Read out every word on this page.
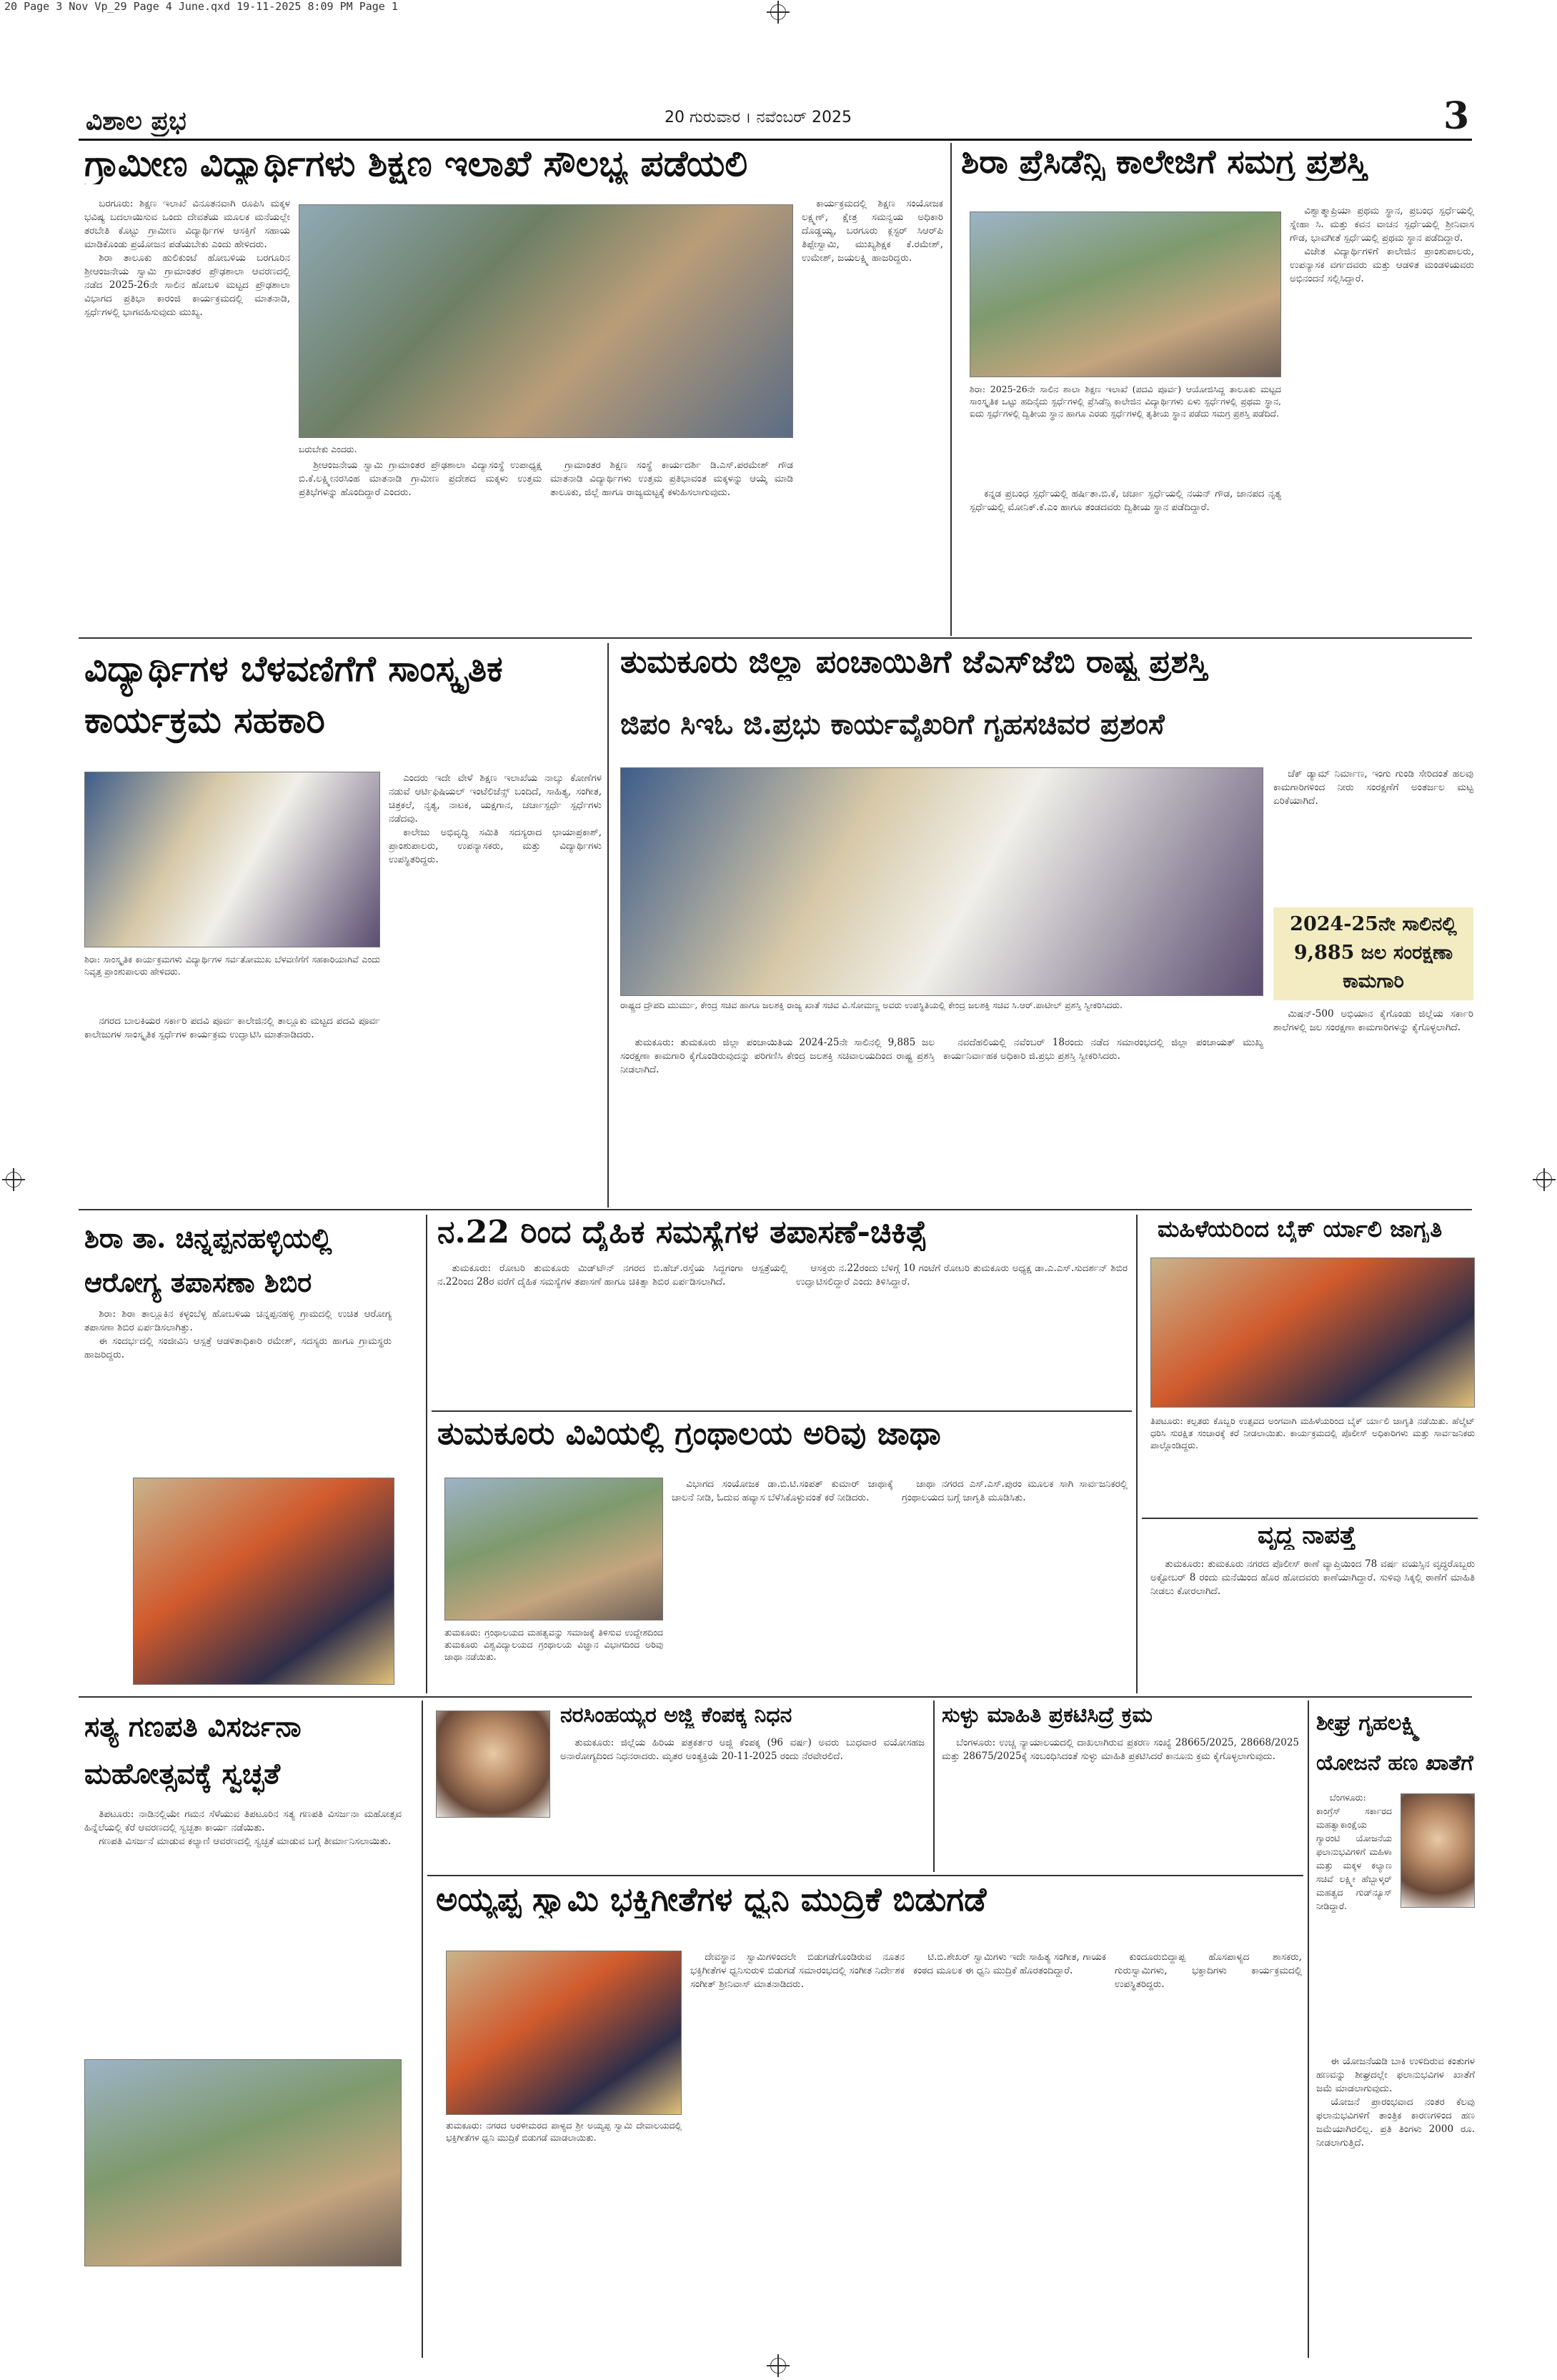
20 Page 3 Nov Vp_29 Page 4 June.qxd 19-11-2025 8:09 PM Page 1
ವಿಶಾಲ ಪ್ರಭ	20 ಗುರುವಾರ । ನವೆಂಬರ್ 2025	3
ಗ್ರಾಮೀಣ ವಿದ್ಯಾರ್ಥಿಗಳು ಶಿಕ್ಷಣ ಇಲಾಖೆ ಸೌಲಭ್ಯ ಪಡೆಯಲಿ

ಬರಗೂರು: ಶಿಕ್ಷಣ ಇಲಾಖೆ ವಿನೂತನವಾಗಿ ರೂಪಿಸಿ ಮಕ್ಕಳ ಭವಿಷ್ಯ ಬದಲಾಯಿಸುವ ಒಂದು ದೇವತೆಯ ಮೂಲಕ ಮನೆಯಲ್ಲೇ ತರಬೇತಿ ಕೊಟ್ಟು ಗ್ರಾಮೀಣ ವಿದ್ಯಾರ್ಥಿಗಳ ಆಸಕ್ತಿಗೆ ಸಹಾಯ ಮಾಡಿಕೊಂಡು ಪ್ರಯೋಜನ ಪಡೆಯಬೇಕು ಎಂದು ಹೇಳಿದರು.

ಶಿರಾ ತಾಲೂಕು ಹುಲಿಕುಂಟೆ ಹೋಬಳಿಯ ಬರಗೂರಿನ ಶ್ರೀಆಂಜನೇಯ ಸ್ವಾಮಿ ಗ್ರಾಮಾಂತರ ಪ್ರೌಢಶಾಲಾ ಆವರಣದಲ್ಲಿ ನಡೆದ 2025-26ನೇ ಸಾಲಿನ ಹೋಬಳಿ ಮಟ್ಟದ ಪ್ರೌಢಶಾಲಾ ವಿಭಾಗದ ಪ್ರತಿಭಾ ಕಾರಂಜಿ ಕಾರ್ಯಕ್ರಮದಲ್ಲಿ ಮಾತನಾಡಿ, ಸ್ಪರ್ಧೆಗಳಲ್ಲಿ ಭಾಗವಹಿಸುವುದು ಮುಖ್ಯ.

ಬರುಬೇಕು ಎಂದರು.

ಶ್ರೀಆಂಜನೇಯ ಸ್ವಾಮಿ ಗ್ರಾಮಾಂತರ ಪ್ರೌಢಶಾಲಾ ವಿದ್ಯಾಸಂಸ್ಥೆ ಉಪಾಧ್ಯಕ್ಷ ಬಿ.ಕೆ.ಲಕ್ಷ್ಮೀನರಸಿಂಹ ಮಾತನಾಡಿ ಗ್ರಾಮೀಣ ಪ್ರದೇಶದ ಮಕ್ಕಳು ಉತ್ತಮ ಪ್ರತಿಭೆಗಳನ್ನು ಹೊಂದಿದ್ದಾರೆ ಎಂದರು.

ಗ್ರಾಮಾಂತರ ಶಿಕ್ಷಣ ಸಂಸ್ಥೆ ಕಾರ್ಯದರ್ಶಿ ಡಿ.ಎಸ್.ಪರಮೇಶ್ ಗೌಡ ಮಾತನಾಡಿ ವಿದ್ಯಾರ್ಥಿಗಳು ಉತ್ತಮ ಪ್ರತಿಭಾವಂತ ಮಕ್ಕಳನ್ನು ಆಯ್ಕೆ ಮಾಡಿ ತಾಲೂಕು, ಜಿಲ್ಲೆ ಹಾಗೂ ರಾಜ್ಯಮಟ್ಟಕ್ಕೆ ಕಳುಹಿಸಲಾಗುವುದು.

ಕಾರ್ಯಕ್ರಮದಲ್ಲಿ ಶಿಕ್ಷಣ ಸಂಯೋಜಕ ಲಕ್ಷ್ಮಣ್, ಕ್ಷೇತ್ರ ಸಮನ್ವಯ ಅಧಿಕಾರಿ ದೊಡ್ಡಯ್ಯ, ಬರಗೂರು ಕ್ಲಸ್ಟರ್ ಸಿಆರ್‌ಪಿ ತಿಪ್ಪೇಸ್ವಾಮಿ, ಮುಖ್ಯಶಿಕ್ಷಕ ಕೆ.ರಮೇಶ್, ಉಮೇಶ್, ಜಯಲಕ್ಷ್ಮಿ ಹಾಜರಿದ್ದರು.

ಶಿರಾ ಪ್ರೆಸಿಡೆನ್ಸಿ ಕಾಲೇಜಿಗೆ ಸಮಗ್ರ ಪ್ರಶಸ್ತಿ
ಶಿರಾ: 2025-26ನೇ ಸಾಲಿನ ಶಾಲಾ ಶಿಕ್ಷಣ ಇಲಾಖೆ (ಪದವಿ ಪೂರ್ವ) ಆಯೋಜಿಸಿದ್ದ ತಾಲೂಕು ಮಟ್ಟದ ಸಾಂಸ್ಕೃತಿಕ ಒಟ್ಟು ಹದಿನೈದು ಸ್ಪರ್ಧೆಗಳಲ್ಲಿ ಪ್ರೆಸಿಡೆನ್ಸಿ ಕಾಲೇಜಿನ ವಿದ್ಯಾರ್ಥಿಗಳು ಏಳು ಸ್ಪರ್ಧೆಗಳಲ್ಲಿ ಪ್ರಥಮ ಸ್ಥಾನ, ಐದು ಸ್ಪರ್ಧೆಗಳಲ್ಲಿ ದ್ವಿತೀಯ ಸ್ಥಾನ ಹಾಗೂ ಎರಡು ಸ್ಪರ್ಧೆಗಳಲ್ಲಿ ತೃತೀಯ ಸ್ಥಾನ ಪಡೆದು ಸಮಗ್ರ ಪ್ರಶಸ್ತಿ ಪಡೆದಿದೆ.

ಕನ್ನಡ ಪ್ರಬಂಧ ಸ್ಪರ್ಧೆಯಲ್ಲಿ ಹರ್ಷಿತಾ.ಬಿ.ಕೆ, ಚರ್ಚಾ ಸ್ಪರ್ಧೆಯಲ್ಲಿ ನಯನ್ ಗೌಡ, ಜಾನಪದ ನೃತ್ಯ ಸ್ಪರ್ಧೆಯಲ್ಲಿ ಮೋನಿಕ್.ಕೆ.ಎಂ ಹಾಗೂ ತಂಡದವರು ದ್ವಿತೀಯ ಸ್ಥಾನ ಪಡೆದಿದ್ದಾರೆ.

ವಿಶ್ವಾತ್ಮಾಪ್ರಿಯಾ ಪ್ರಥಮ ಸ್ಥಾನ, ಪ್ರಬಂಧ ಸ್ಪರ್ಧೆಯಲ್ಲಿ ಸ್ನೇಹಾ ಸಿ. ಮತ್ತು ಕವನ ವಾಚನ ಸ್ಪರ್ಧೆಯಲ್ಲಿ ಶ್ರೀನಿವಾಸ ಗೌಡ, ಭಾವಗೀತೆ ಸ್ಪರ್ಧೆಯಲ್ಲಿ ಪ್ರಥಮ ಸ್ಥಾನ ಪಡೆದಿದ್ದಾರೆ.

ವಿಜೇತ ವಿದ್ಯಾರ್ಥಿಗಳಿಗೆ ಕಾಲೇಜಿನ ಪ್ರಾಂಶುಪಾಲರು, ಉಪನ್ಯಾಸಕ ವರ್ಗದವರು ಮತ್ತು ಆಡಳಿತ ಮಂಡಳಿಯವರು ಅಭಿನಂದನೆ ಸಲ್ಲಿಸಿದ್ದಾರೆ.

ವಿದ್ಯಾರ್ಥಿಗಳ ಬೆಳವಣಿಗೆಗೆ ಸಾಂಸ್ಕೃತಿಕ ಕಾರ್ಯಕ್ರಮ ಸಹಕಾರಿ
ಶಿರಾ: ಸಾಂಸ್ಕೃತಿಕ ಕಾರ್ಯಕ್ರಮಗಳು ವಿದ್ಯಾರ್ಥಿಗಳ ಸರ್ವತೋಮುಖ ಬೆಳವಣಿಗೆಗೆ ಸಹಕಾರಿಯಾಗಿವೆ ಎಂದು ನಿವೃತ್ತ ಪ್ರಾಂಶುಪಾಲರು ಹೇಳಿದರು.

ನಗರದ ಬಾಲಕಿಯರ ಸರ್ಕಾರಿ ಪದವಿ ಪೂರ್ವ ಕಾಲೇಜಿನಲ್ಲಿ ತಾಲ್ಲೂಕು ಮಟ್ಟದ ಪದವಿ ಪೂರ್ವ ಕಾಲೇಜುಗಳ ಸಾಂಸ್ಕೃತಿಕ ಸ್ಪರ್ಧೆಗಳ ಕಾರ್ಯಕ್ರಮ ಉದ್ಘಾಟಿಸಿ ಮಾತನಾಡಿದರು.

ಎಂದರು ಇದೇ ವೇಳೆ ಶಿಕ್ಷಣ ಇಲಾಖೆಯ ನಾಲ್ಕು ಕೋಣೆಗಳ ನಡುವೆ ಆರ್ಟಿಫಿಷಿಯಲ್ ಇಂಟೆಲಿಜೆನ್ಸ್ ಬಂದಿದೆ, ಸಾಹಿತ್ಯ, ಸಂಗೀತ, ಚಿತ್ರಕಲೆ, ನೃತ್ಯ, ನಾಟಕ, ಯಕ್ಷಗಾನ, ಚರ್ಚಾಸ್ಪರ್ಧೆ ಸ್ಪರ್ಧೆಗಳು ನಡೆದವು.

ಕಾಲೇಜು ಅಭಿವೃದ್ಧಿ ಸಮಿತಿ ಸದಸ್ಯರಾದ ಛಾಯಾಪ್ರಕಾಶ್, ಪ್ರಾಂಶುಪಾಲರು, ಉಪನ್ಯಾಸಕರು, ಮತ್ತು ವಿದ್ಯಾರ್ಥಿಗಳು ಉಪಸ್ಥಿತರಿದ್ದರು.

ತುಮಕೂರು ಜಿಲ್ಲಾ ಪಂಚಾಯಿತಿಗೆ ಜೆಎಸ್‌ಜೆಬಿ ರಾಷ್ಟ್ರ ಪ್ರಶಸ್ತಿ
ಜಿಪಂ ಸಿಇಓ ಜಿ.ಪ್ರಭು ಕಾರ್ಯವೈಖರಿಗೆ ಗೃಹಸಚಿವರ ಪ್ರಶಂಸೆ
ರಾಷ್ಟ್ರದ ದ್ರೌಪದಿ ಮುರ್ಮು, ಕೇಂದ್ರ ಸಚಿವ ಹಾಗೂ ಜಲಶಕ್ತಿ ರಾಜ್ಯ ಖಾತೆ ಸಚಿವ ವಿ.ಸೋಮಣ್ಣ ಅವರು ಉಪಸ್ಥಿತಿಯಲ್ಲಿ ಕೇಂದ್ರ ಜಲಶಕ್ತಿ ಸಚಿವ ಸಿ.ಆರ್.ಪಾಟೀಲ್ ಪ್ರಶಸ್ತಿ ಸ್ವೀಕರಿಸಿದರು.

ತುಮಕೂರು: ತುಮಕೂರು ಜಿಲ್ಲಾ ಪಂಚಾಯಿತಿಯ 2024-25ನೇ ಸಾಲಿನಲ್ಲಿ 9,885 ಜಲ ಸಂರಕ್ಷಣಾ ಕಾಮಗಾರಿ ಕೈಗೊಂಡಿರುವುದನ್ನು ಪರಿಗಣಿಸಿ ಕೇಂದ್ರ ಜಲಶಕ್ತಿ ಸಚಿವಾಲಯದಿಂದ ರಾಷ್ಟ್ರ ಪ್ರಶಸ್ತಿ ನೀಡಲಾಗಿದೆ.

ನವದೆಹಲಿಯಲ್ಲಿ ನವೆಂಬರ್ 18ರಂದು ನಡೆದ ಸಮಾರಂಭದಲ್ಲಿ ಜಿಲ್ಲಾ ಪಂಚಾಯತ್ ಮುಖ್ಯ ಕಾರ್ಯನಿರ್ವಾಹಕ ಅಧಿಕಾರಿ ಜಿ.ಪ್ರಭು ಪ್ರಶಸ್ತಿ ಸ್ವೀಕರಿಸಿದರು.

ಚೆಕ್ ಡ್ಯಾಮ್ ನಿರ್ಮಾಣ, ಇಂಗು ಗುಂಡಿ ಸೇರಿದಂತೆ ಹಲವು ಕಾಮಗಾರಿಗಳಿಂದ ನೀರು ಸಂರಕ್ಷಣೆಗೆ ಅಂತರ್ಜಲ ಮಟ್ಟ ಏರಿಕೆಯಾಗಿದೆ.

2024-25ನೇ ಸಾಲಿನಲ್ಲಿ 9,885 ಜಲ ಸಂರಕ್ಷಣಾ ಕಾಮಗಾರಿ

ಮಿಷನ್-500 ಅಭಿಯಾನ ಕೈಗೊಂಡು ಜಿಲ್ಲೆಯ ಸರ್ಕಾರಿ ಶಾಲೆಗಳಲ್ಲಿ ಜಲ ಸಂರಕ್ಷಣಾ ಕಾಮಗಾರಿಗಳನ್ನು ಕೈಗೊಳ್ಳಲಾಗಿದೆ.

ಶಿರಾ ತಾ. ಚಿನ್ನಪ್ಪನಹಳ್ಳಿಯಲ್ಲಿ ಆರೋಗ್ಯ ತಪಾಸಣಾ ಶಿಬಿರ

ಶಿರಾ: ಶಿರಾ ತಾಲ್ಲೂಕಿನ ಕಳ್ಳಂಬೆಳ್ಳ ಹೋಬಳಿಯ ಚಿನ್ನಪ್ಪನಹಳ್ಳಿ ಗ್ರಾಮದಲ್ಲಿ ಉಚಿತ ಆರೋಗ್ಯ ತಪಾಸಣಾ ಶಿಬಿರ ಏರ್ಪಡಿಸಲಾಗಿತ್ತು.

ಈ ಸಂದರ್ಭದಲ್ಲಿ ಸಂಜೀವಿನಿ ಆಸ್ಪತ್ರೆ ಆಡಳಿತಾಧಿಕಾರಿ ರಮೇಶ್, ಸದಸ್ಯರು ಹಾಗೂ ಗ್ರಾಮಸ್ಥರು ಹಾಜರಿದ್ದರು.

ನ.22 ರಿಂದ ದೈಹಿಕ ಸಮಸ್ಯೆಗಳ ತಪಾಸಣೆ-ಚಿಕಿತ್ಸೆ

ತುಮಕೂರು: ರೋಟರಿ ತುಮಕೂರು ಮಿಡ್‌ಟೌನ್ ನಗರದ ಬಿ.ಹೆಚ್.ರಸ್ತೆಯ ಸಿದ್ದಗಂಗಾ ಆಸ್ಪತ್ರೆಯಲ್ಲಿ ನ.22ರಿಂದ 28ರ ವರೆಗೆ ದೈಹಿಕ ಸಮಸ್ಯೆಗಳ ತಪಾಸಣೆ ಹಾಗೂ ಚಿಕಿತ್ಸಾ ಶಿಬಿರ ಏರ್ಪಡಿಸಲಾಗಿದೆ.

ಆಸಕ್ತರು ನ.22ರಂದು ಬೆಳಿಗ್ಗೆ 10 ಗಂಟೆಗೆ ರೋಟರಿ ತುಮಕೂರು ಅಧ್ಯಕ್ಷ ಡಾ.ಎ.ಎಸ್.ಸುದರ್ಶನ್ ಶಿಬಿರ ಉದ್ಘಾಟಿಸಲಿದ್ದಾರೆ ಎಂದು ತಿಳಿಸಿದ್ದಾರೆ.

ತುಮಕೂರು ವಿವಿಯಲ್ಲಿ ಗ್ರಂಥಾಲಯ ಅರಿವು ಜಾಥಾ
ತುಮಕೂರು: ಗ್ರಂಥಾಲಯದ ಮಹತ್ವವನ್ನು ಸಮಾಜಕ್ಕೆ ತಿಳಿಸುವ ಉದ್ದೇಶದಿಂದ ತುಮಕೂರು ವಿಶ್ವವಿದ್ಯಾಲಯದ ಗ್ರಂಥಾಲಯ ವಿಜ್ಞಾನ ವಿಭಾಗದಿಂದ ಅರಿವು ಜಾಥಾ ನಡೆಯಿತು.

ವಿಭಾಗದ ಸಂಯೋಜಕ ಡಾ.ಬಿ.ಟಿ.ಸಂಪತ್ ಕುಮಾರ್ ಜಾಥಾಕ್ಕೆ ಚಾಲನೆ ನೀಡಿ, ಓದುವ ಹವ್ಯಾಸ ಬೆಳೆಸಿಕೊಳ್ಳುವಂತೆ ಕರೆ ನೀಡಿದರು.

ಜಾಥಾ ನಗರದ ಎಸ್.ಎಸ್.ಪುರಂ ಮೂಲಕ ಸಾಗಿ ಸಾರ್ವಜನಿಕರಲ್ಲಿ ಗ್ರಂಥಾಲಯದ ಬಗ್ಗೆ ಜಾಗೃತಿ ಮೂಡಿಸಿತು.

ಮಹಿಳೆಯರಿಂದ ಬೈಕ್ ರ್ಯಾಲಿ ಜಾಗೃತಿ
ತಿಪಟೂರು: ಕಲ್ಪತರು ಕೊಬ್ಬರಿ ಉತ್ಸವದ ಅಂಗವಾಗಿ ಮಹಿಳೆಯರಿಂದ ಬೈಕ್ ರ್ಯಾಲಿ ಜಾಗೃತಿ ನಡೆಯಿತು. ಹೆಲ್ಮೆಟ್ ಧರಿಸಿ ಸುರಕ್ಷಿತ ಸಂಚಾರಕ್ಕೆ ಕರೆ ನೀಡಲಾಯಿತು. ಕಾರ್ಯಕ್ರಮದಲ್ಲಿ ಪೊಲೀಸ್ ಅಧಿಕಾರಿಗಳು ಮತ್ತು ಸಾರ್ವಜನಿಕರು ಪಾಲ್ಗೊಂಡಿದ್ದರು.
ವೃದ್ಧ ನಾಪತ್ತೆ

ತುಮಕೂರು: ತುಮಕೂರು ನಗರದ ಪೊಲೀಸ್ ಠಾಣೆ ವ್ಯಾಪ್ತಿಯಿಂದ 78 ವರ್ಷ ವಯಸ್ಸಿನ ವೃದ್ಧರೊಬ್ಬರು ಅಕ್ಟೋಬರ್ 8 ರಂದು ಮನೆಯಿಂದ ಹೊರ ಹೋದವರು ಕಾಣೆಯಾಗಿದ್ದಾರೆ. ಸುಳಿವು ಸಿಕ್ಕಲ್ಲಿ ಠಾಣೆಗೆ ಮಾಹಿತಿ ನೀಡಲು ಕೋರಲಾಗಿದೆ.

ಸತ್ಯ ಗಣಪತಿ ವಿಸರ್ಜನಾ ಮಹೋತ್ಸವಕ್ಕೆ ಸ್ವಚ್ಛತೆ

ತಿಪಟೂರು: ನಾಡಿನಲ್ಲಿಯೇ ಗಮನ ಸೆಳೆಯುವ ತಿಪಟೂರಿನ ಸತ್ಯ ಗಣಪತಿ ವಿಸರ್ಜನಾ ಮಹೋತ್ಸವ ಹಿನ್ನೆಲೆಯಲ್ಲಿ ಕೆರೆ ಆವರಣದಲ್ಲಿ ಸ್ವಚ್ಛತಾ ಕಾರ್ಯ ನಡೆಯಿತು.

ಗಣಪತಿ ವಿಸರ್ಜನೆ ಮಾಡುವ ಕಲ್ಯಾಣಿ ಆವರಣದಲ್ಲಿ ಸ್ವಚ್ಛತೆ ಮಾಡುವ ಬಗ್ಗೆ ತೀರ್ಮಾನಿಸಲಾಯಿತು.

ನರಸಿಂಹಯ್ಯರ ಅಜ್ಜಿ ಕೆಂಪಕ್ಕ ನಿಧನ

ತುಮಕೂರು: ಜಿಲ್ಲೆಯ ಹಿರಿಯ ಪತ್ರಕರ್ತರ ಅಜ್ಜಿ ಕೆಂಪಕ್ಕ (96 ವರ್ಷ) ಅವರು ಬುಧವಾರ ವಯೋಸಹಜ ಅನಾರೋಗ್ಯದಿಂದ ನಿಧನರಾದರು. ಮೃತರ ಅಂತ್ಯಕ್ರಿಯೆ 20-11-2025 ರಂದು ನೆರವೇರಲಿದೆ.

ಸುಳ್ಳು ಮಾಹಿತಿ ಪ್ರಕಟಿಸಿದ್ರೆ ಕ್ರಮ

ಬೆಂಗಳೂರು: ಉಚ್ಚ ನ್ಯಾಯಾಲಯದಲ್ಲಿ ದಾಖಲಾಗಿರುವ ಪ್ರಕರಣ ಸಂಖ್ಯೆ 28665/2025, 28668/2025 ಮತ್ತು 28675/2025ಕ್ಕೆ ಸಂಬಂಧಿಸಿದಂತೆ ಸುಳ್ಳು ಮಾಹಿತಿ ಪ್ರಕಟಿಸಿದರೆ ಕಾನೂನು ಕ್ರಮ ಕೈಗೊಳ್ಳಲಾಗುವುದು.

ಶೀಘ್ರ ಗೃಹಲಕ್ಷ್ಮಿ ಯೋಜನೆ ಹಣ ಖಾತೆಗೆ

ಬೆಂಗಳೂರು: ಕಾಂಗ್ರೆಸ್ ಸರ್ಕಾರದ ಮಹತ್ವಾಕಾಂಕ್ಷೆಯ ಗ್ಯಾರಂಟಿ ಯೋಜನೆಯ ಫಲಾನುಭವಿಗಳಿಗೆ ಮಹಿಳಾ ಮತ್ತು ಮಕ್ಕಳ ಕಲ್ಯಾಣ ಸಚಿವೆ ಲಕ್ಷ್ಮೀ ಹೆಬ್ಬಾಳ್ಕರ್ ಮಹತ್ವದ ಗುಡ್‌ನ್ಯೂಸ್ ನೀಡಿದ್ದಾರೆ.

ಈ ಯೋಜನೆಯಡಿ ಬಾಕಿ ಉಳಿದಿರುವ ಕಂತುಗಳ ಹಣವನ್ನು ಶೀಘ್ರದಲ್ಲೇ ಫಲಾನುಭವಿಗಳ ಖಾತೆಗೆ ಜಮೆ ಮಾಡಲಾಗುವುದು.

ಯೋಜನೆ ಪ್ರಾರಂಭವಾದ ನಂತರ ಕೆಲವು ಫಲಾನುಭವಿಗಳಿಗೆ ತಾಂತ್ರಿಕ ಕಾರಣಗಳಿಂದ ಹಣ ಜಮೆಯಾಗಿರಲಿಲ್ಲ. ಪ್ರತಿ ತಿಂಗಳು 2000 ರೂ. ನೀಡಲಾಗುತ್ತಿದೆ.

ಅಯ್ಯಪ್ಪ ಸ್ವಾಮಿ ಭಕ್ತಿಗೀತೆಗಳ ಧ್ವನಿ ಮುದ್ರಿಕೆ ಬಿಡುಗಡೆ
ತುಮಕೂರು: ನಗರದ ಅರಳೀಮರದ ಪಾಳ್ಯದ ಶ್ರೀ ಅಯ್ಯಪ್ಪ ಸ್ವಾಮಿ ದೇವಾಲಯದಲ್ಲಿ ಭಕ್ತಿಗೀತೆಗಳ ಧ್ವನಿ ಮುದ್ರಿಕೆ ಬಿಡುಗಡೆ ಮಾಡಲಾಯಿತು.

ದೇವಸ್ಥಾನ ಸ್ವಾಮಿಗಳಿಂದಲೇ ಬಿಡುಗಡೆಗೊಂಡಿರುವ ನೂತನ ಭಕ್ತಿಗೀತೆಗಳ ಧ್ವನಿಸುರುಳಿ ಬಿಡುಗಡೆ ಸಮಾರಂಭದಲ್ಲಿ ಸಂಗೀತ ನಿರ್ದೇಶಕ ಸಂಗೀತ್ ಶ್ರೀನಿವಾಸ್ ಮಾತನಾಡಿದರು.

ಟಿ.ಬಿ.ಶೇಖರ್ ಸ್ವಾಮಿಗಳು ಇದೇ ಸಾಹಿತ್ಯ ಸಂಗೀತ, ಗಾಯಕ ಕಂಠದ ಮೂಲಕ ಈ ಧ್ವನಿ ಮುದ್ರಿಕೆ ಹೊರತಂದಿದ್ದಾರೆ.

ಕುಂದೂರುಬಿದ್ದಾಪ್ಪ ಹೊಸಪಾಳ್ಯದ ಶಾಸಕರು, ಗುರುಸ್ವಾಮಿಗಳು, ಭಕ್ತಾದಿಗಳು ಕಾರ್ಯಕ್ರಮದಲ್ಲಿ ಉಪಸ್ಥಿತರಿದ್ದರು.
